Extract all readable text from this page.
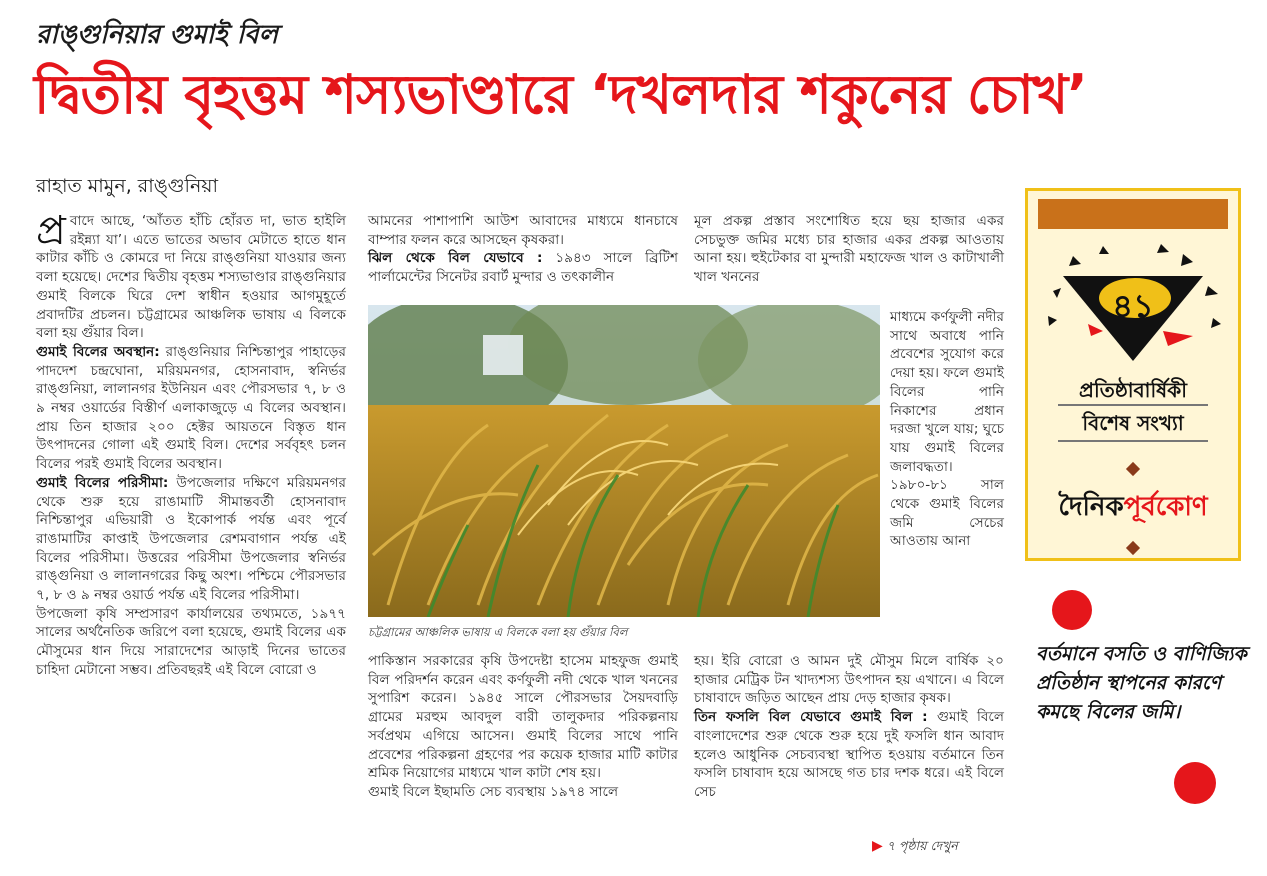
রাঙ্গুনিয়ার গুমাই বিল
দ্বিতীয় বৃহত্তম শস্যভাণ্ডারে ‘দখলদার শকুনের চোখ’
রাহাত মামুন, রাঙ্গুনিয়া

প্র বাদে আছে, ‘আঁতত হাঁচি হোঁরত দা, ভাত হাইলি রইন্ন্যা যা’। এতে ভাতের অভাব মেটাতে হাতে ধান কাটার কাঁচি ও কোমরে দা নিয়ে রাঙ্গুনিয়া যাওয়ার জন্য বলা হয়েছে। দেশের দ্বিতীয় বৃহত্তম শস্যভাণ্ডার রাঙ্গুনিয়ার গুমাই বিলকে ঘিরে দেশ স্বাধীন হওয়ার আগমুহূর্তে প্রবাদটির প্রচলন। চট্টগ্রামের আঞ্চলিক ভাষায় এ বিলকে বলা হয় গুঁয়ার বিল।

গুমাই বিলের অবস্থান: রাঙ্গুনিয়ার নিশ্চিন্তাপুর পাহাড়ের পাদদেশ চন্দ্রঘোনা, মরিয়মনগর, হোসনাবাদ, স্বনির্ভর রাঙ্গুনিয়া, লালানগর ইউনিয়ন এবং পৌরসভার ৭, ৮ ও ৯ নম্বর ওয়ার্ডের বিস্তীর্ণ এলাকাজুড়ে এ বিলের অবস্থান। প্রায় তিন হাজার ২০০ হেক্টর আয়তনে বিস্তৃত ধান উৎপাদনের গোলা এই গুমাই বিল। দেশের সর্ববৃহৎ চলন বিলের পরই গুমাই বিলের অবস্থান।

গুমাই বিলের পরিসীমা: উপজেলার দক্ষিণে মরিয়মনগর থেকে শুরু হয়ে রাঙামাটি সীমান্তবর্তী হোসনাবাদ নিশ্চিন্তাপুর এভিয়ারী ও ইকোপার্ক পর্যন্ত এবং পূর্বে রাঙামাটির কাপ্তাই উপজেলার রেশমবাগান পর্যন্ত এই বিলের পরিসীমা। উত্তরের পরিসীমা উপজেলার স্বনির্ভর রাঙ্গুনিয়া ও লালানগরের কিছু অংশ। পশ্চিমে পৌরসভার ৭, ৮ ও ৯ নম্বর ওয়ার্ড পর্যন্ত এই বিলের পরিসীমা।

উপজেলা কৃষি সম্প্রসারণ কার্যালয়ের তথ্যমতে, ১৯৭৭ সালের অর্থনৈতিক জরিপে বলা হয়েছে, গুমাই বিলের এক মৌসুমের ধান দিয়ে সারাদেশের আড়াই দিনের ভাতের চাহিদা মেটানো সম্ভব। প্রতিবছরই এই বিলে বোরো ও

আমনের পাশাপাশি আউশ আবাদের মাধ্যমে ধানচাষে বাম্পার ফলন করে আসছেন কৃষকরা।

ঝিল থেকে বিল যেভাবে : ১৯৪৩ সালে ব্রিটিশ পার্লামেন্টের সিনেটর রবার্ট মুন্দার ও তৎকালীন

মূল প্রকল্প প্রস্তাব সংশোধিত হয়ে ছয় হাজার একর সেচভুক্ত জমির মধ্যে চার হাজার একর প্রকল্প আওতায় আনা হয়। হুইটেকার বা মুন্দারী মহাফেজ খাল ও কাটাখালী খাল খননের

চট্টগ্রামের আঞ্চলিক ভাষায় এ বিলকে বলা হয় গুঁয়ার বিল
মাধ্যমে কর্ণফুলী নদীর সাথে অবাধে পানি প্রবেশের সুযোগ করে দেয়া হয়। ফলে গুমাই বিলের পানি নিকাশের প্রধান দরজা খুলে যায়; ঘুচে যায় গুমাই বিলের জলাবদ্ধতা। ১৯৮০-৮১ সাল থেকে গুমাই বিলের জমি সেচের আওতায় আনা

পাকিস্তান সরকারের কৃষি উপদেষ্টা হাসেম মাহফুজ গুমাই বিল পরিদর্শন করেন এবং কর্ণফুলী নদী থেকে খাল খননের সুপারিশ করেন। ১৯৪৫ সালে পৌরসভার সৈয়দবাড়ি গ্রামের মরহুম আবদুল বারী তালুকদার পরিকল্পনায় সর্বপ্রথম এগিয়ে আসেন। গুমাই বিলের সাথে পানি প্রবেশের পরিকল্পনা গ্রহণের পর কয়েক হাজার মাটি কাটার শ্রমিক নিয়োগের মাধ্যমে খাল কাটা শেষ হয়।

গুমাই বিলে ইছামতি সেচ ব্যবস্থায় ১৯৭৪ সালে

হয়। ইরি বোরো ও আমন দুই মৌসুম মিলে বার্ষিক ২০ হাজার মেট্রিক টন খাদ্যশস্য উৎপাদন হয় এখানে। এ বিলে চাষাবাদে জড়িত আছেন প্রায় দেড় হাজার কৃষক।

তিন ফসলি বিল যেভাবে গুমাই বিল : গুমাই বিলে বাংলাদেশের শুরু থেকে শুরু হয়ে দুই ফসলি ধান আবাদ হলেও আধুনিক সেচব্যবস্থা স্থাপিত হওয়ায় বর্তমানে তিন ফসলি চাষাবাদ হয়ে আসছে গত চার দশক ধরে। এই বিলে সেচ

▶ ৭ পৃষ্ঠায় দেখুন
৪১
প্রতিষ্ঠাবার্ষিকী
বিশেষ সংখ্যা
দৈনিকপূর্বকোণ
বর্তমানে বসতি ও বাণিজ্যিক প্রতিষ্ঠান স্থাপনের কারণে কমছে বিলের জমি।
